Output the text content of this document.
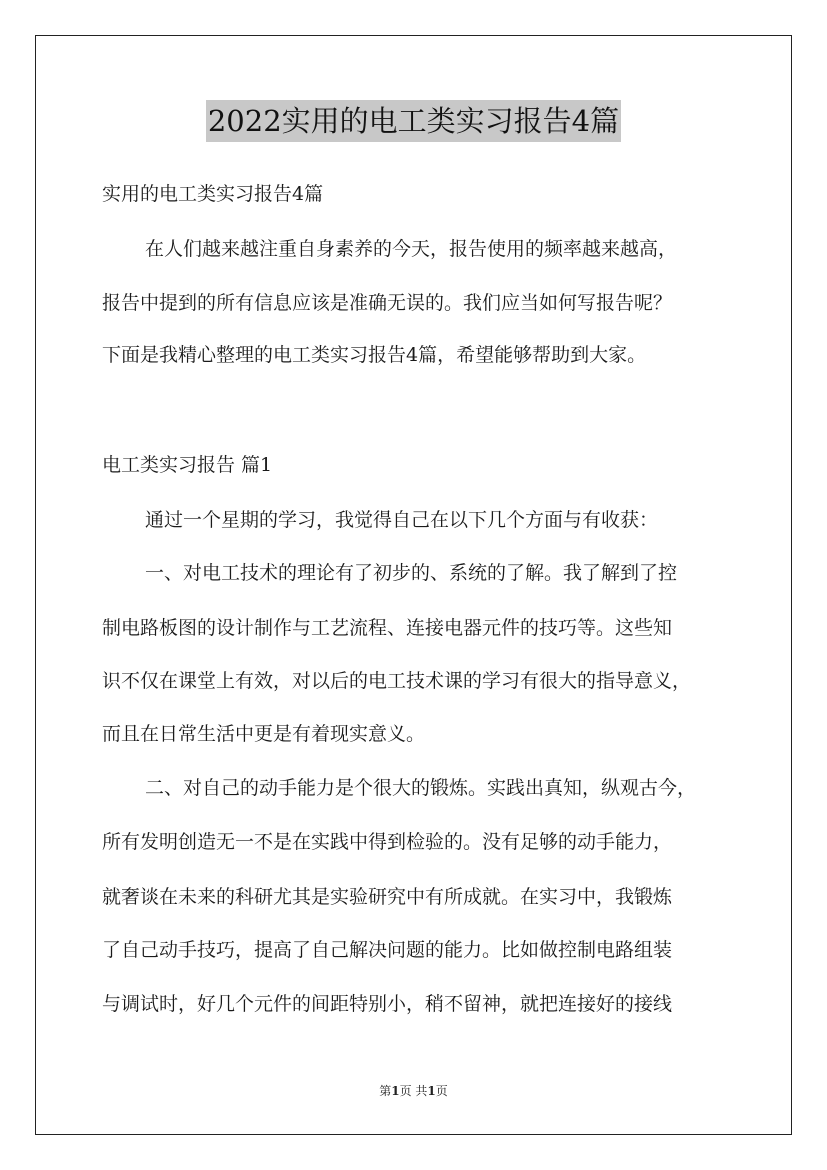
2022实用的电工类实习报告4篇
实用的电工类实习报告4篇
在人们越来越注重自身素养的今天，报告使用的频率越来越高，
报告中提到的所有信息应该是准确无误的。我们应当如何写报告呢？
下面是我精心整理的电工类实习报告4篇，希望能够帮助到大家。
电工类实习报告 篇1
通过一个星期的学习，我觉得自己在以下几个方面与有收获：
一、对电工技术的理论有了初步的、系统的了解。我了解到了控
制电路板图的设计制作与工艺流程、连接电器元件的技巧等。这些知
识不仅在课堂上有效，对以后的电工技术课的学习有很大的指导意义，
而且在日常生活中更是有着现实意义。
二、对自己的动手能力是个很大的锻炼。实践出真知，纵观古今，
所有发明创造无一不是在实践中得到检验的。没有足够的动手能力，
就奢谈在未来的科研尤其是实验研究中有所成就。在实习中，我锻炼
了自己动手技巧，提高了自己解决问题的能力。比如做控制电路组装
与调试时，好几个元件的间距特别小，稍不留神，就把连接好的接线
第1页 共1页
